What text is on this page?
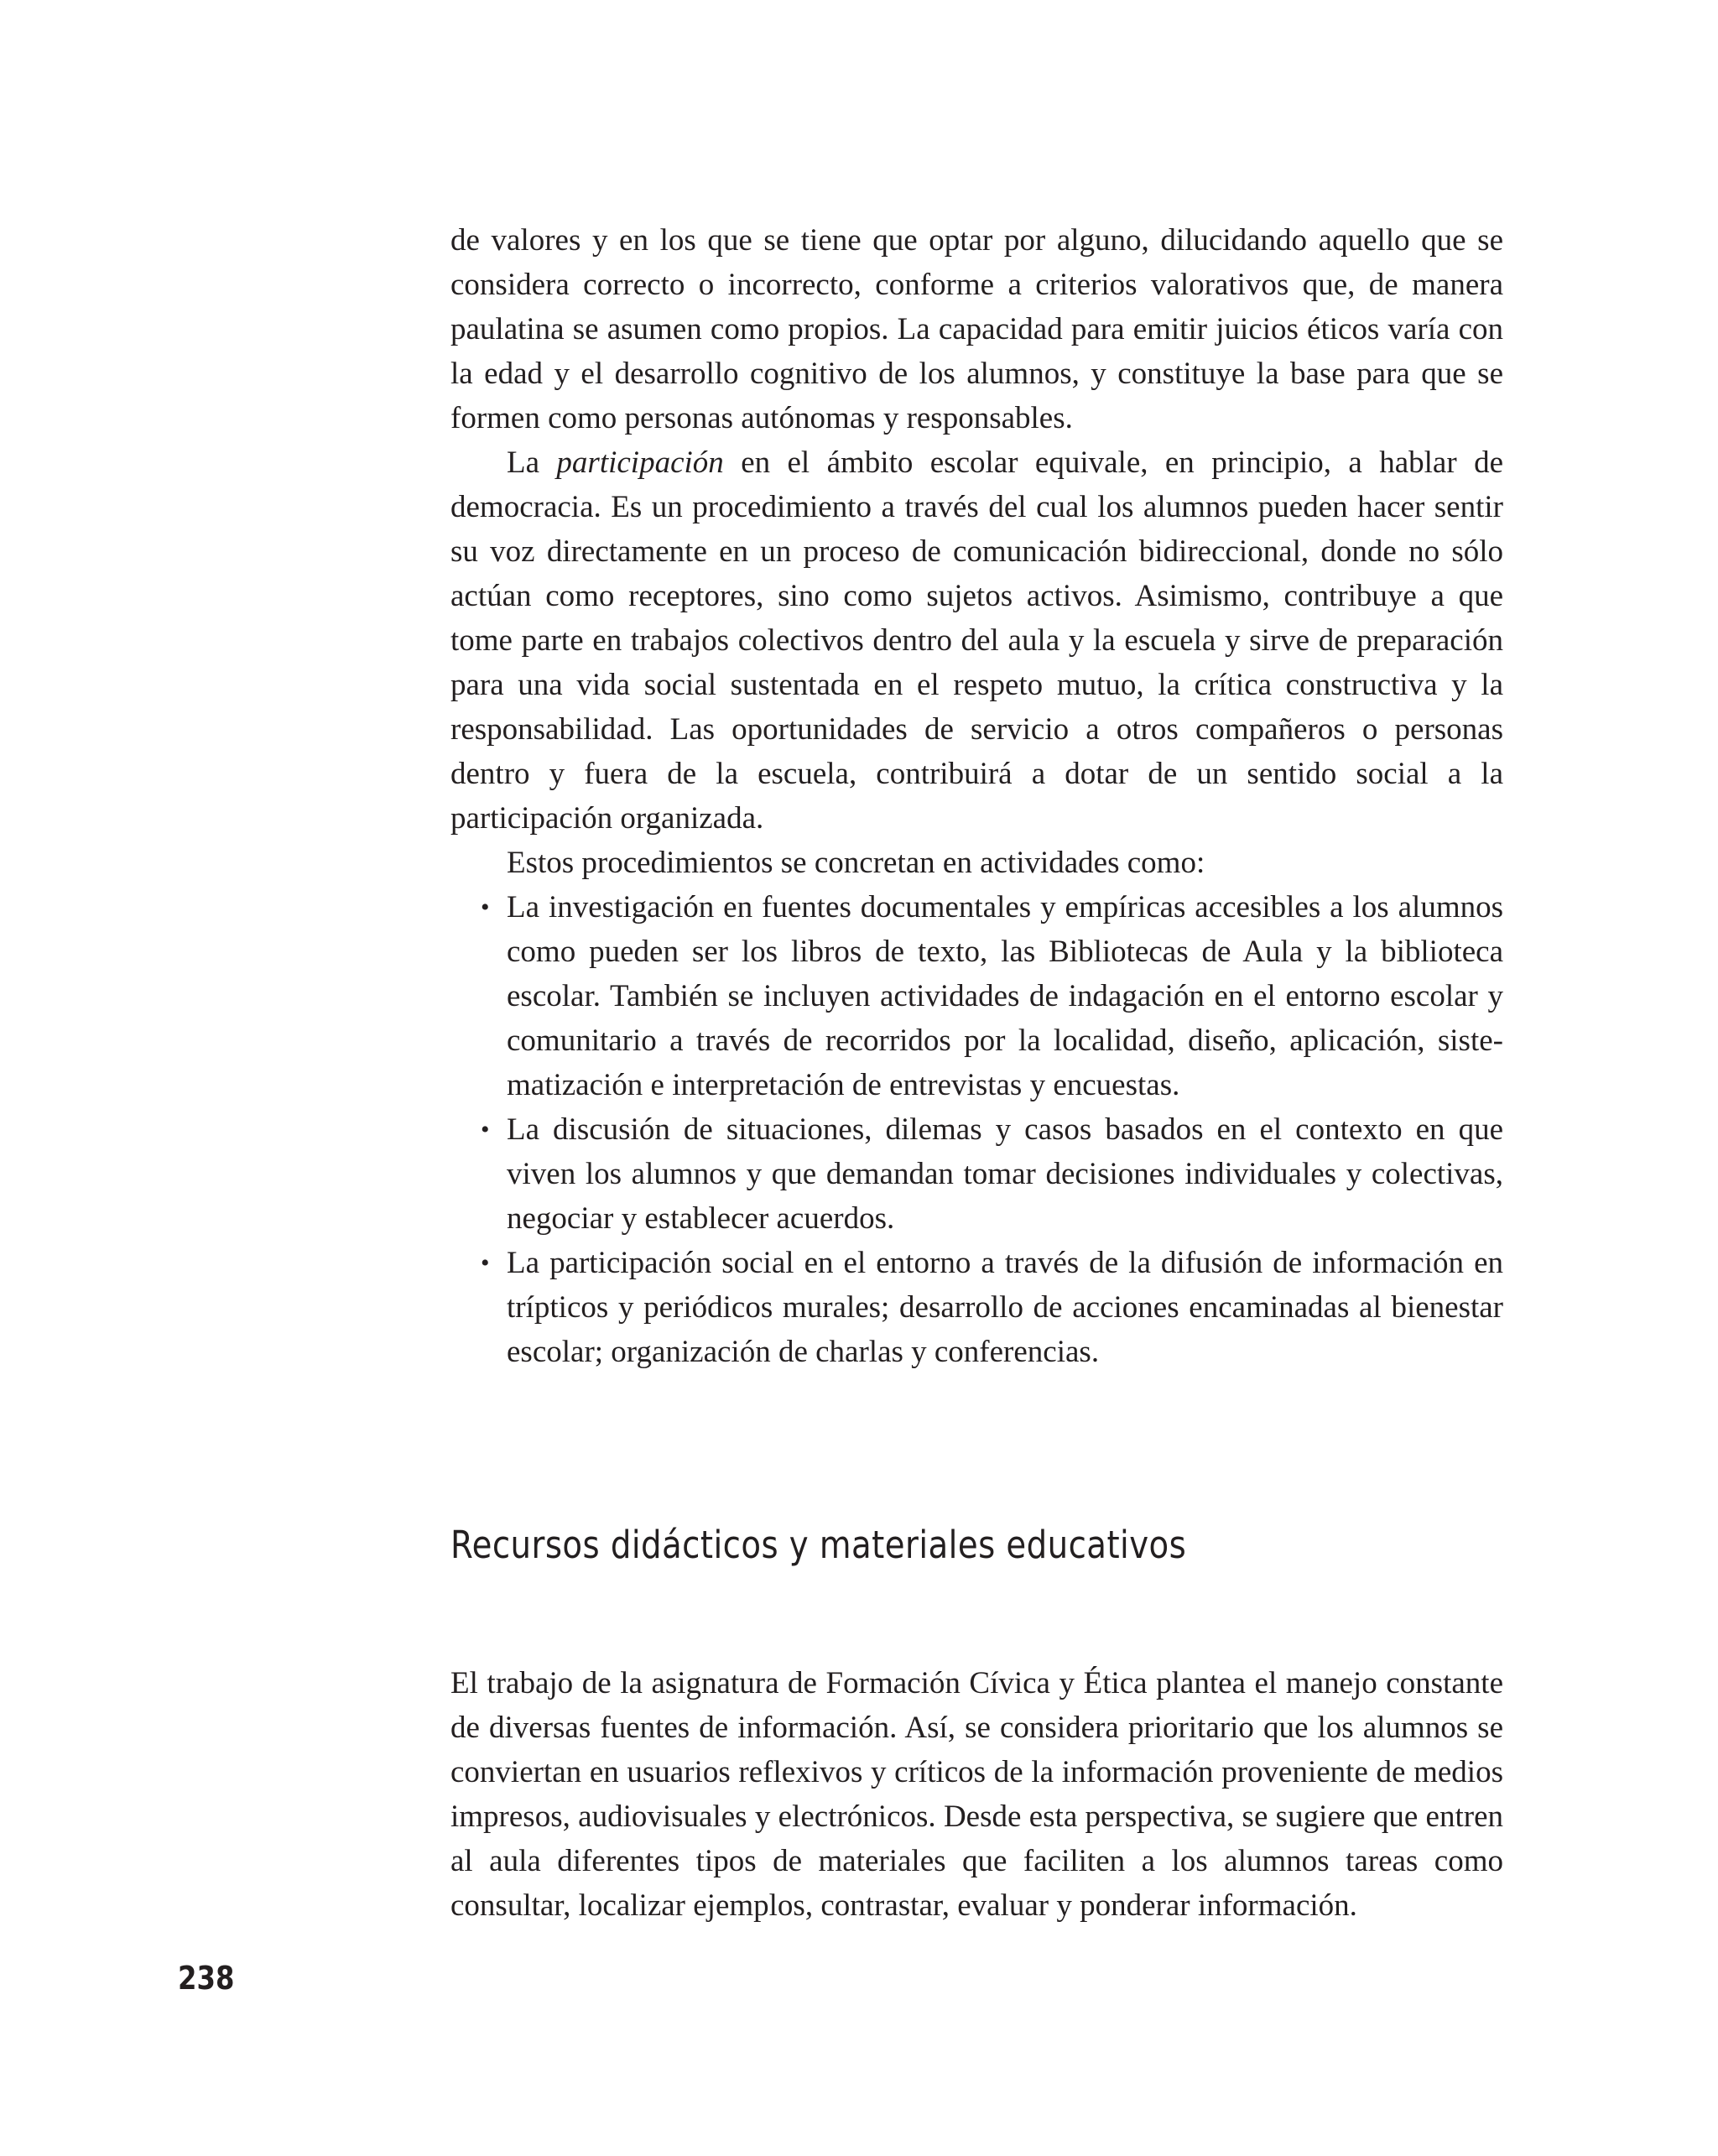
de valores y en los que se tiene que optar por alguno, dilucidando aquello que se considera correcto o incorrecto, conforme a criterios valorativos que, de manera paulatina se asumen como propios. La capacidad para emitir juicios éticos varía con la edad y el desarrollo cognitivo de los alumnos, y constituye la base para que se formen como personas autónomas y responsables.

La participación en el ámbito escolar equivale, en principio, a hablar de democracia. Es un procedimiento a través del cual los alumnos pueden hacer sentir su voz directamente en un proceso de comunicación bidireccional, donde no sólo actúan como receptores, sino como sujetos activos. Asimismo, contribuye a que tome parte en trabajos colectivos dentro del aula y la escuela y sirve de preparación para una vida social sustentada en el respeto mutuo, la crítica constructiva y la responsabilidad. Las oportunidades de servicio a otros compañeros o personas dentro y fuera de la escuela, contribuirá a dotar de un sentido social a la participación organizada.

Estos procedimientos se concretan en actividades como:

• La investigación en fuentes documentales y empíricas accesibles a los alumnos como pueden ser los libros de texto, las Bibliotecas de Aula y la biblioteca escolar. También se incluyen actividades de indagación en el entorno escolar y comunitario a través de recorridos por la localidad, diseño, aplicación, sistematización e interpretación de entrevistas y encuestas.
• La discusión de situaciones, dilemas y casos basados en el contexto en que viven los alumnos y que demandan tomar decisiones individuales y colectivas, negociar y establecer acuerdos.
• La participación social en el entorno a través de la difusión de información en trípticos y periódicos murales; desarrollo de acciones encaminadas al bienestar escolar; organización de charlas y conferencias.
Recursos didácticos y materiales educativos

El trabajo de la asignatura de Formación Cívica y Ética plantea el manejo constante de diversas fuentes de información. Así, se considera prioritario que los alumnos se conviertan en usuarios reflexivos y críticos de la información proveniente de medios impresos, audiovisuales y electrónicos. Desde esta perspectiva, se sugiere que entren al aula diferentes tipos de materiales que faciliten a los alumnos tareas como consultar, localizar ejemplos, contrastar, evaluar y ponderar información.

238
